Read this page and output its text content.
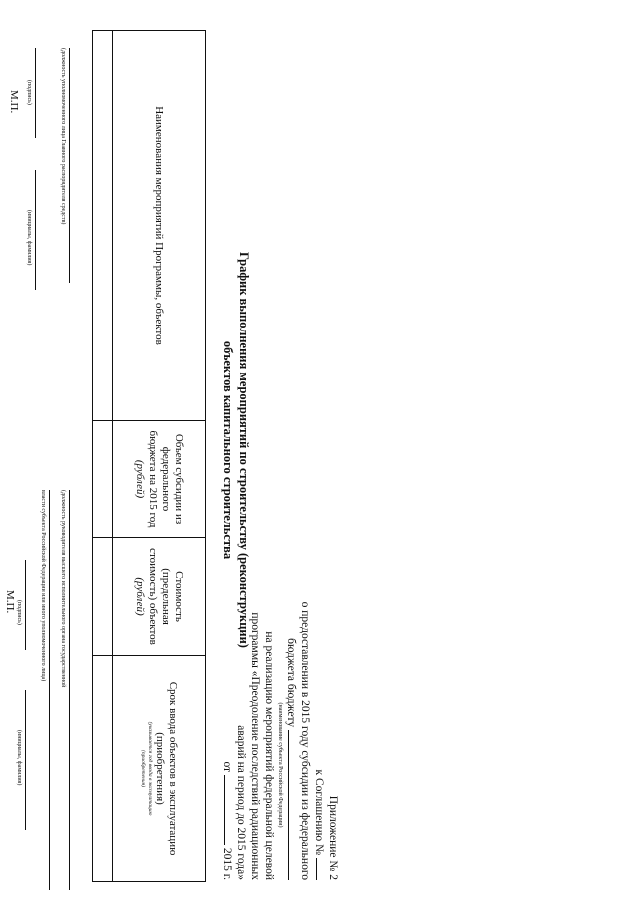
Приложение № 2
к Соглашению №
о предоставлении в 2015 году субсидии из федерального
бюджета бюджету
(наименование субъекта Российской Федерации)
на реализацию мероприятий федеральной целевой
программы «Преодоление последствий радиационных
аварий на период до 2015 года»
от  2015 г.
График выполнения мероприятий по строительству (реконструкции)
объектов капитального строительства
Наименования мероприятий Программы, объектов
Объем субсидии из федерального бюджета на 2015 год
(рублей)
Стоимость (предельная стоимость) объектов
(рублей)
Срок ввода объектов в эксплуатацию (приобретения)
(указывается год ввода в эксплуатацию
(приобретения)
(должность уполномоченного лица Главного распорядителя средств)
(подпись)
(инициалы, фамилия)
М.П.
(должность руководителя высшего исполнительного органа государственной
власти субъекта Российской Федерации или иного уполномоченного лица)
(подпись)
(инициалы, фамилия)
М.П.
